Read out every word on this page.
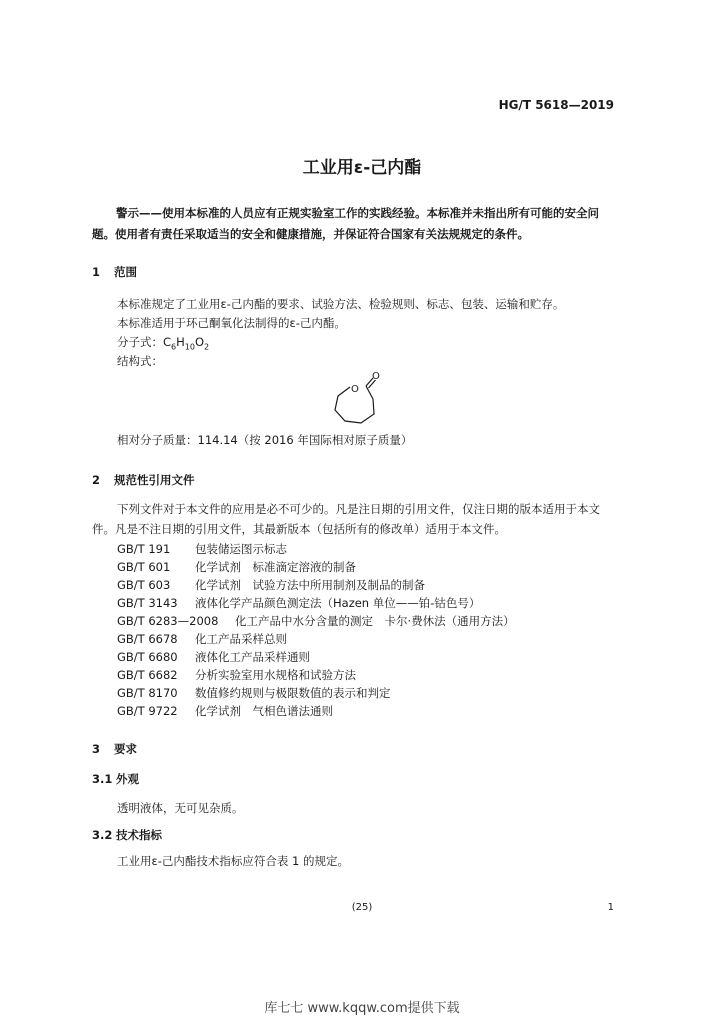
HG/T 5618—2019
工业用ε-己内酯
警示——使用本标准的人员应有正规实验室工作的实践经验。本标准并未指出所有可能的安全问
题。使用者有责任采取适当的安全和健康措施，并保证符合国家有关法规规定的条件。
1 范围
本标准规定了工业用ε-己内酯的要求、试验方法、检验规则、标志、包装、运输和贮存。
本标准适用于环己酮氧化法制得的ε-己内酯。
分子式：$C_6H_{10}O_2$
结构式：
O
O
相对分子质量：114.14（按 2016 年国际相对原子质量）
2 规范性引用文件
下列文件对于本文件的应用是必不可少的。凡是注日期的引用文件，仅注日期的版本适用于本文
件。凡是不注日期的引用文件，其最新版本（包括所有的修改单）适用于本文件。
GB/T 191 包装储运图示标志
GB/T 601 化学试剂　标准滴定溶液的制备
GB/T 603 化学试剂　试验方法中所用制剂及制品的制备
GB/T 3143 液体化学产品颜色测定法（Hazen 单位——铂-钴色号）
GB/T 6283—2008 化工产品中水分含量的测定　卡尔·费休法（通用方法）
GB/T 6678 化工产品采样总则
GB/T 6680 液体化工产品采样通则
GB/T 6682 分析实验室用水规格和试验方法
GB/T 8170 数值修约规则与极限数值的表示和判定
GB/T 9722 化学试剂　气相色谱法通则
3 要求
3.1 外观
透明液体，无可见杂质。
3.2 技术指标
工业用ε-己内酯技术指标应符合表 1 的规定。
(25)	1
库七七 www.kqqw.com提供下载
